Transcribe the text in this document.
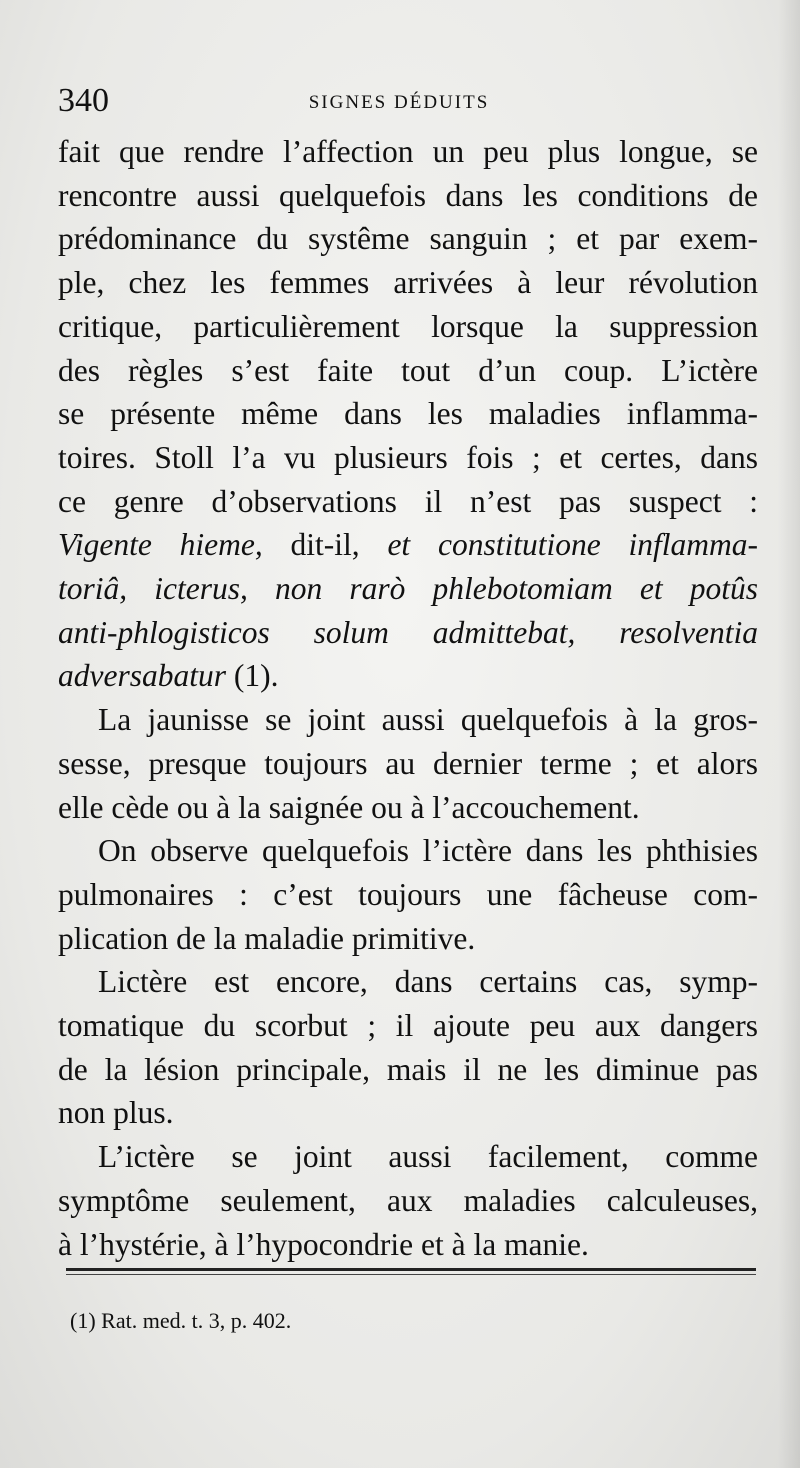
340	SIGNES DÉDUITS
fait que rendre l’affection un peu plus longue, se
rencontre aussi quelquefois dans les conditions de
prédominance du systême sanguin ; et par exem-
ple, chez les femmes arrivées à leur révolution
critique, particulièrement lorsque la suppression
des règles s’est faite tout d’un coup. L’ictère
se présente même dans les maladies inflamma-
toires. Stoll l’a vu plusieurs fois ; et certes, dans
ce genre d’observations il n’est pas suspect :
Vigente hieme, dit-il, et constitutione inflamma-
toriâ, icterus, non rarò phlebotomiam et potûs
anti-phlogisticos solum admittebat, resolventia
adversabatur (1).
La jaunisse se joint aussi quelquefois à la gros-
sesse, presque toujours au dernier terme ; et alors
elle cède ou à la saignée ou à l’accouchement.
On observe quelquefois l’ictère dans les phthisies
pulmonaires : c’est toujours une fâcheuse com-
plication de la maladie primitive.
Lictère est encore, dans certains cas, symp-
tomatique du scorbut ; il ajoute peu aux dangers
de la lésion principale, mais il ne les diminue pas
non plus.
L’ictère se joint aussi facilement, comme
symptôme seulement, aux maladies calculeuses,
à l’hystérie, à l’hypocondrie et à la manie.
(1) Rat. med. t. 3, p. 402.
